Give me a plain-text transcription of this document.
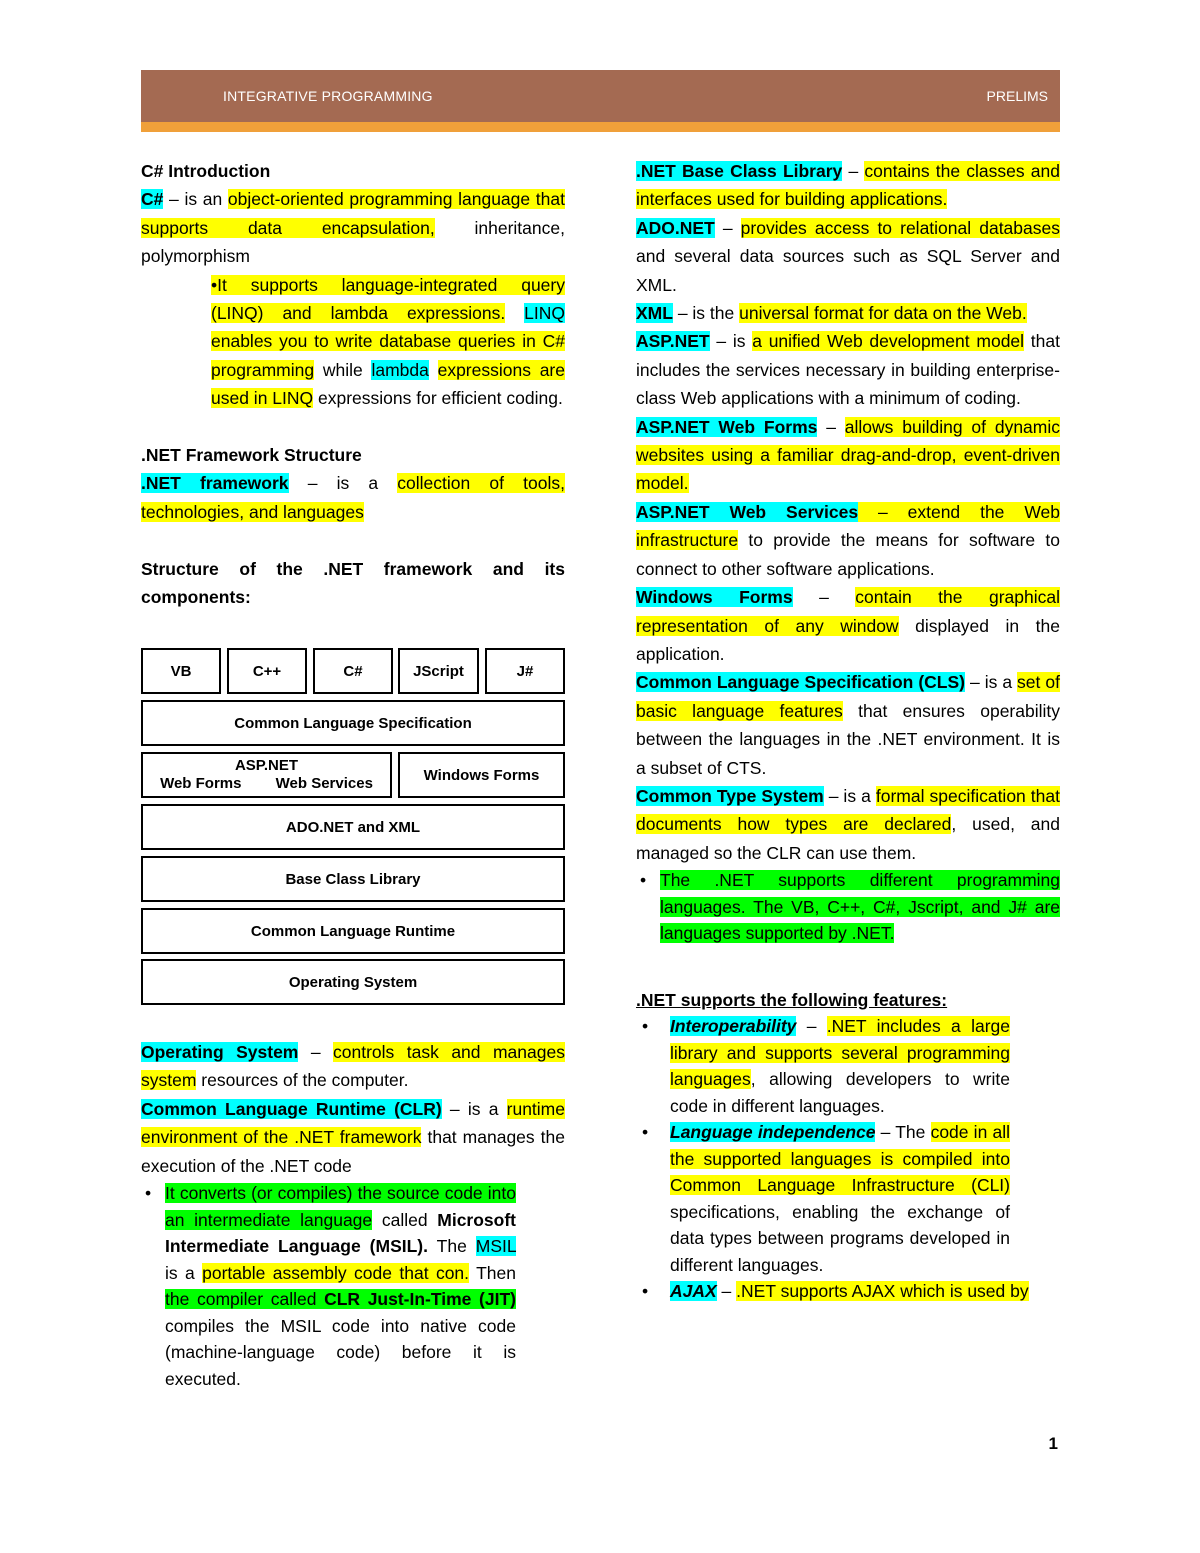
INTEGRATIVE PROGRAMMING	PRELIMS

C# Introduction

C# – is an object-oriented programming language that supports data encapsulation, inheritance, polymorphism

•It supports language-integrated query (LINQ) and lambda expressions. LINQ enables you to write database queries in C# programming while lambda expressions are used in LINQ expressions for efficient coding.

.NET Framework Structure

.NET framework – is a collection of tools, technologies, and languages

Structure of the .NET framework and its components:

VB	C++	C#	JScript	J#
Common Language Specification
ASP.NET
Web Forms Web Services	Windows Forms
ADO.NET and XML
Base Class Library
Common Language Runtime
Operating System

Operating System – controls task and manages system resources of the computer.

Common Language Runtime (CLR) – is a runtime environment of the .NET framework that manages the execution of the .NET code

• It converts (or compiles) the source code into an intermediate language called Microsoft Intermediate Language (MSIL). The MSIL is a portable assembly code that con. Then the compiler called CLR Just-In-Time (JIT) compiles the MSIL code into native code (machine-language code) before it is executed.

.NET Base Class Library – contains the classes and interfaces used for building applications.

ADO.NET – provides access to relational databases and several data sources such as SQL Server and XML.

XML – is the universal format for data on the Web.

ASP.NET – is a unified Web development model that includes the services necessary in building enterprise-class Web applications with a minimum of coding.

ASP.NET Web Forms – allows building of dynamic websites using a familiar drag-and-drop, event-driven model.

ASP.NET Web Services – extend the Web infrastructure to provide the means for software to connect to other software applications.

Windows Forms – contain the graphical representation of any window displayed in the application.

Common Language Specification (CLS) – is a set of basic language features that ensures operability between the languages in the .NET environment. It is a subset of CTS.

Common Type System – is a formal specification that documents how types are declared, used, and managed so the CLR can use them.

• The .NET supports different programming languages. The VB, C++, C#, Jscript, and J# are languages supported by .NET.

.NET supports the following features:

• Interoperability – .NET includes a large library and supports several programming languages, allowing developers to write code in different languages.
• Language independence – The code in all the supported languages is compiled into Common Language Infrastructure (CLI) specifications, enabling the exchange of data types between programs developed in different languages.
• AJAX – .NET supports AJAX which is used by
1
